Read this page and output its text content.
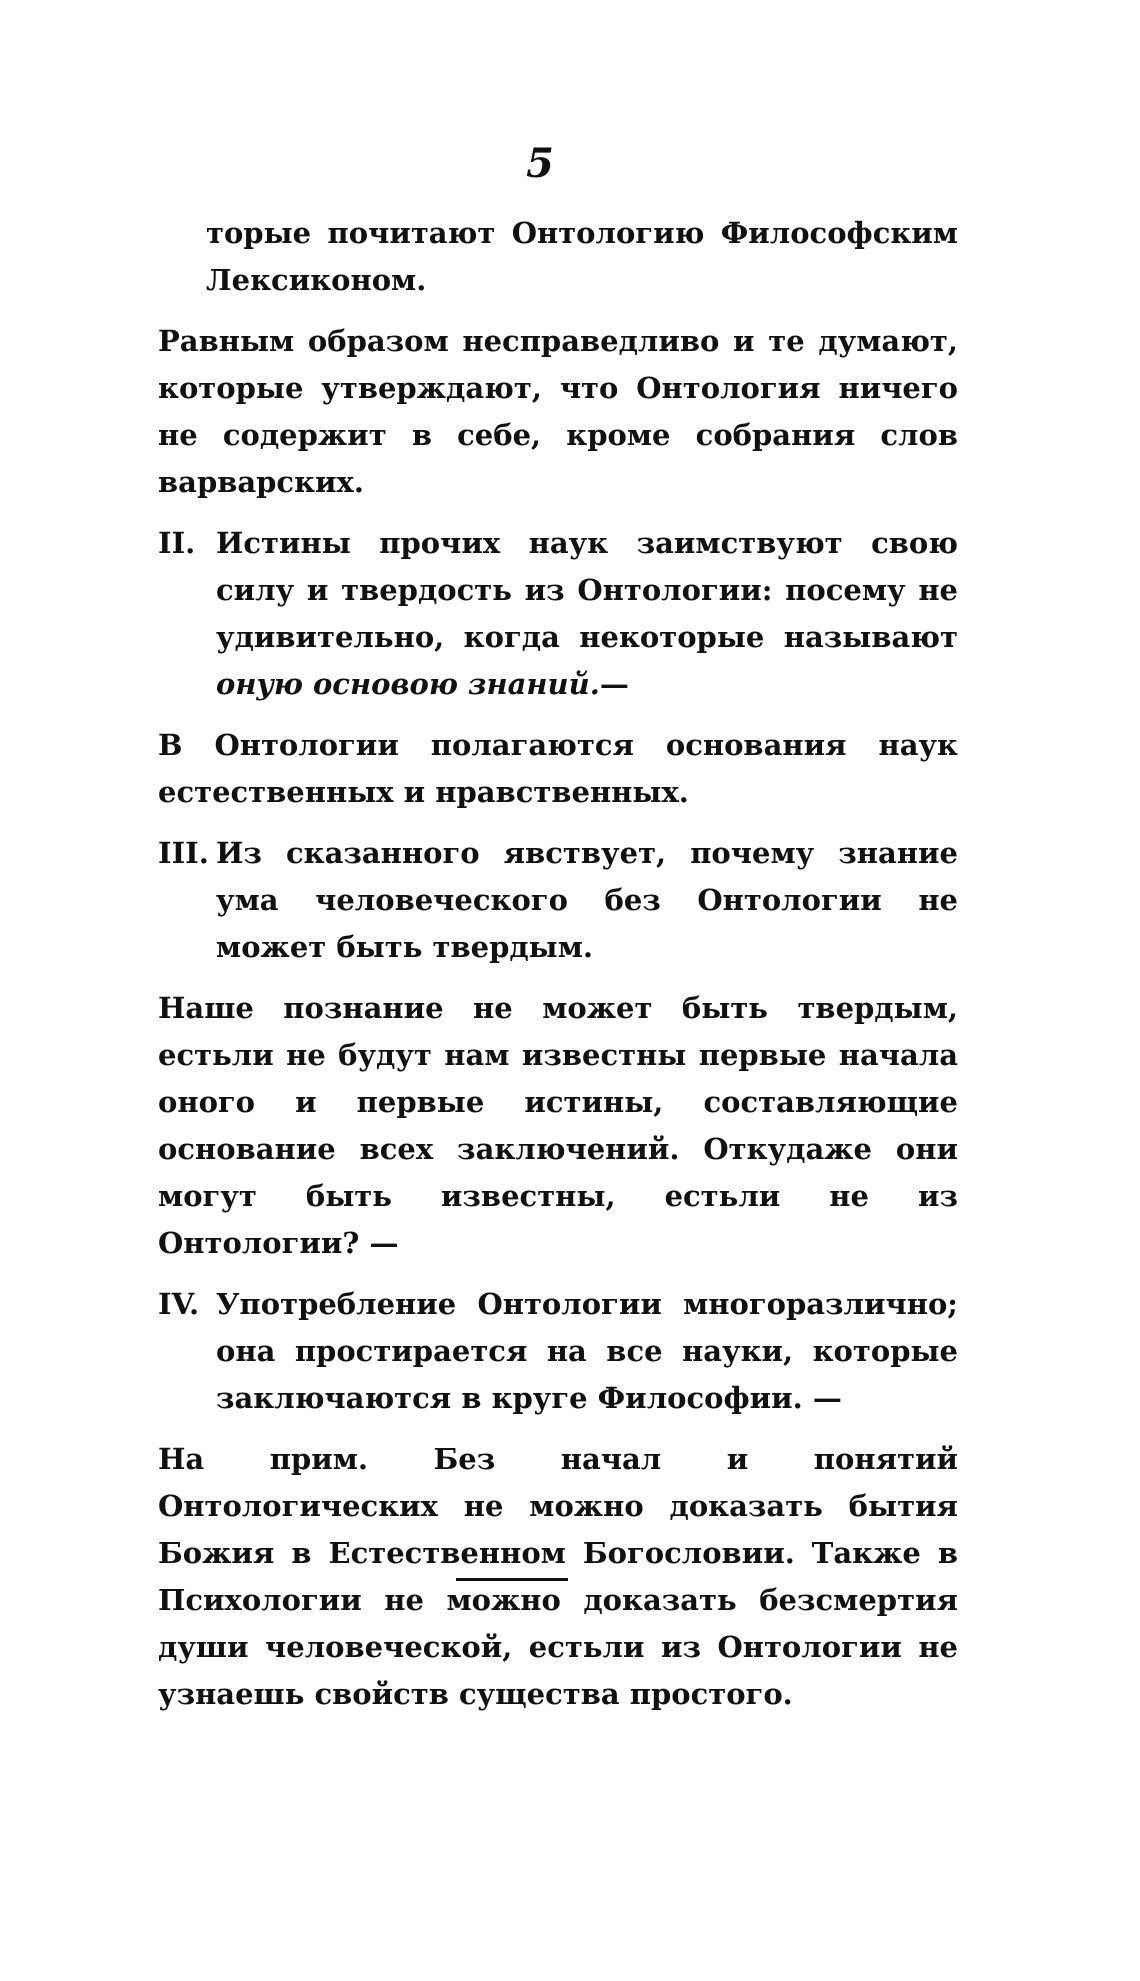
5

торые почитают Онтологию Философским Лексиконом.

Равным образом несправедливо и те думают, которые утверждают, что Онтология ничего не содержит в себе, кроме собрания слов варварских.

II. Истины прочих наук заимствуют свою силу и твердость из Онтологии: посему не удивительно, когда некоторые называют оную основою знаний.—

В Онтологии полагаются основания наук естественных и нравственных.

III. Из сказанного явствует, почему знание ума человеческого без Онтологии не может быть твердым.

Наше познание не может быть твердым, естьли не будут нам известны первые начала оного и первые истины, составляющие основание всех заключений. Откудаже они могут быть известны, естьли не из Онтологии? —

IV. Употребление Онтологии многоразлично; она простирается на все науки, которые заключаются в круге Философии. —

На прим. Без начал и понятий Онтологических не можно доказать бытия Божия в Естественном Богословии. Также в Психологии не можно доказать безсмертия души человеческой, естьли из Онтологии не узнаешь свойств существа простого.
